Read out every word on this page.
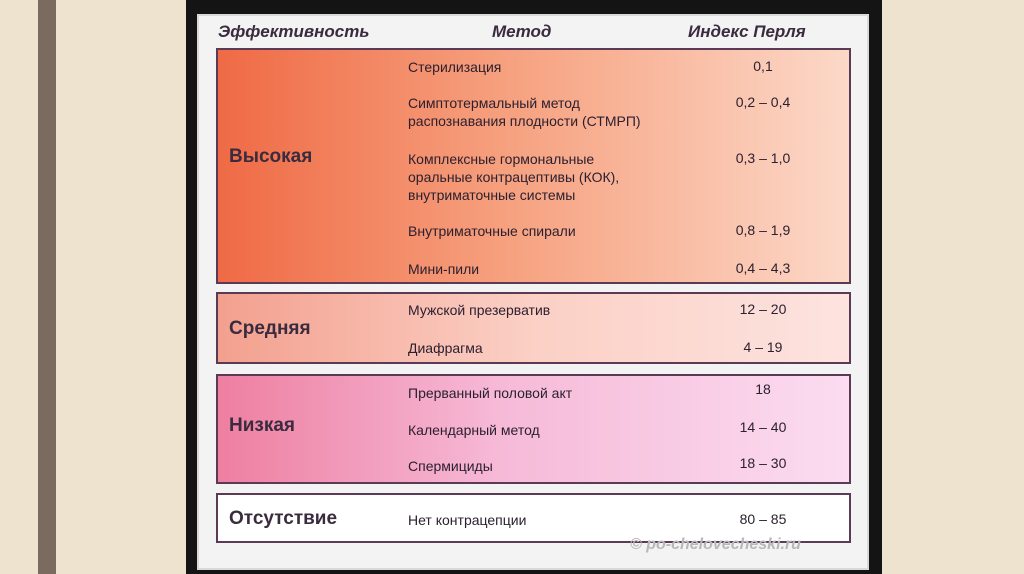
Эффективность	Метод	Индекс Перля
Высокая
Стерилизация	0,1
Симптотермальный метод
распознавания плодности (СТМРП)
0,2 – 0,4
Комплексные гормональные
оральные контрацептивы (КОК),
внутриматочные системы
0,3 – 1,0
Внутриматочные спирали	0,8 – 1,9
Мини-пили	0,4 – 4,3
Средняя
Мужской презерватив	12 – 20
Диафрагма	4 – 19
Низкая
Прерванный половой акт	18
Календарный метод	14 – 40
Спермициды	18 – 30
Отсутствие	Нет контрацепции	80 – 85
© po-chelovecheski.ru
